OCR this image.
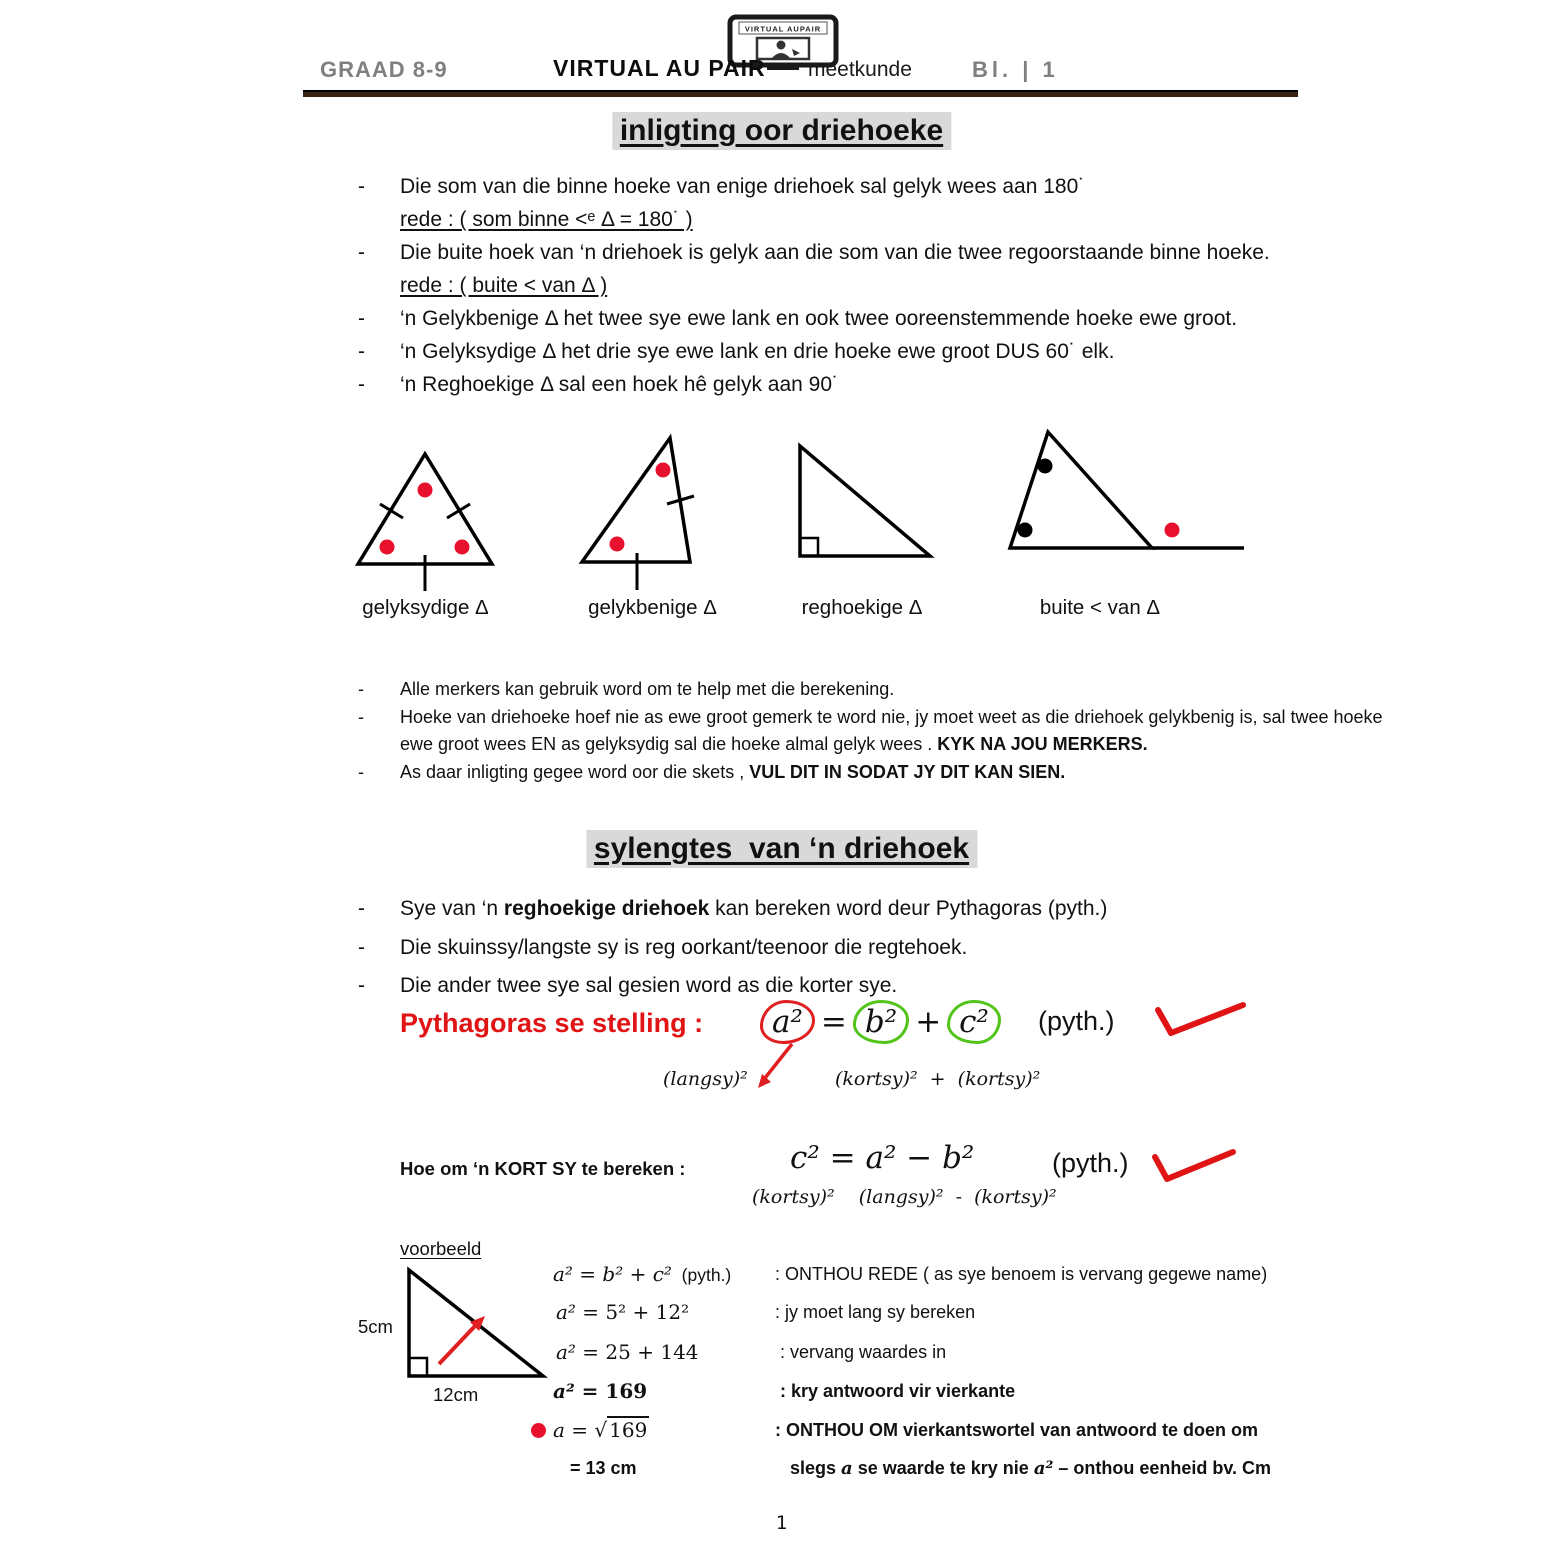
VIRTUAL AUPAIR
GRAAD 8-9	VIRTUAL AU PAIR meetkunde	Bl. | 1
inligting oor driehoeke
-	Die som van die binne hoeke van enige driehoek sal gelyk wees aan 180˙

rede : ( som binne <ᵉ Δ = 180˙ )

-	Die buite hoek van ‘n driehoek is gelyk aan die som van die twee regoorstaande binne hoeke.

rede : ( buite < van Δ )

-	‘n Gelykbenige Δ het twee sye ewe lank en ook twee ooreenstemmende hoeke ewe groot.

-	‘n Gelyksydige Δ het drie sye ewe lank en drie hoeke ewe groot DUS 60˙ elk.

-	‘n Reghoekige Δ sal een hoek hê gelyk aan 90˙

gelyksydige Δ	gelykbenige Δ	reghoekige Δ	buite < van Δ
-	Alle merkers kan gebruik word om te help met die berekening.

-	Hoeke van driehoeke hoef nie as ewe groot gemerk te word nie, jy moet weet as die driehoek gelykbenig is, sal twee hoeke ewe groot wees EN as gelyksydig sal die hoeke almal gelyk wees . KYK NA JOU MERKERS.

-	As daar inligting gegee word oor die skets , VUL DIT IN SODAT JY DIT KAN SIEN.

sylengtes  van ‘n driehoek
-	Sye van ‘n reghoekige driehoek kan bereken word deur Pythagoras (pyth.)

-	Die skuinssy/langste sy is reg oorkant/teenoor die regtehoek.

-	Die ander twee sye sal gesien word as die korter sye.

Pythagoras se stelling :	a² = b² + c²	(pyth.)
(langsy)²	(kortsy)²  +  (kortsy)²
Hoe om ‘n KORT SY te bereken :	c² = a² − b²	(pyth.)
(kortsy)²    (langsy)²  -  (kortsy)²
voorbeeld
5cm
12cm
a² = b² + c²  (pyth.) : ONTHOU REDE ( as sye benoem is vervang gegewe name)
a² = 5² + 12²	: jy moet lang sy bereken
a² = 25 + 144	: vervang waardes in
a² = 169	: kry antwoord vir vierkante
a = √ 169	: ONTHOU OM vierkantswortel van antwoord te doen om
= 13 cm	slegs a se waarde te kry nie a² – onthou eenheid bv. Cm
1
